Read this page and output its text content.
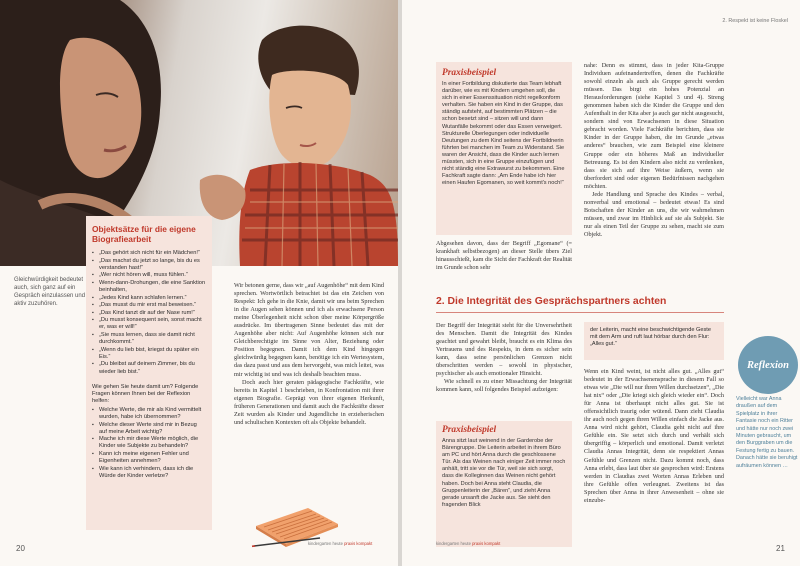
Gleichwürdigkeit bedeutet auch, sich ganz auf ein Gespräch einzulassen und aktiv zuzuhören.
Objektsätze für die eigene Biografiearbeit
▪ „Das gehört sich nicht für ein Mädchen!“
▪ „Das machst du jetzt so lange, bis du es verstanden hast!“
▪ „Wer nicht hören will, muss fühlen.“
▪ Wenn-dann-Drohungen, die eine Sanktion beinhalten,
▪ „Jedes Kind kann schlafen lernen.“
▪ „Das musst du mir erst mal beweisen.“
▪ „Das Kind tanzt dir auf der Nase rum!“
▪ „Du musst konsequent sein, sonst macht er, was er will!“
▪ „Sie muss lernen, dass sie damit nicht durchkommt.“
▪ „Wenn du lieb bist, kriegst du später ein Eis.“
▪ „Du bleibst auf deinem Zimmer, bis du wieder lieb bist.“

Wie gehen Sie heute damit um? Folgende Fragen können Ihnen bei der Reflexion helfen:

▪ Welche Werte, die mir als Kind vermittelt wurden, habe ich übernommen?
▪ Welche dieser Werte sind mir in Bezug auf meine Arbeit wichtig?
▪ Mache ich mir diese Werte möglich, die Kinder wie Subjekte zu behandeln?
▪ Kann ich meine eigenen Fehler und Eigenheiten annehmen?
▪ Wie kann ich verhindern, dass ich die Würde der Kinder verletze?

Wir betonen gerne, dass wir „auf Augenhöhe“ mit dem Kind sprechen. Wortwörtlich betrachtet ist das ein Zeichen von Respekt: Ich gehe in die Knie, damit wir uns beim Sprechen in die Augen sehen können und ich als erwachsene Person meine Überlegenheit nicht schon über meine Körpergröße ausdrücke. Im übertragenen Sinne bedeutet das mit der Augenhöhe aber nicht: Auf Augenhöhe können sich nur Gleichberechtigte im Sinne von Alter, Beziehung oder Position begegnen. Damit ich dem Kind hingegen gleichwürdig begegnen kann, benötige ich ein Wertesystem, das dazu passt und aus dem hervorgeht, was mich leitet, was mir wichtig ist und was ich deshalb beachten muss.

Doch auch hier geraten pädagogische Fachkräfte, wie bereits in Kapitel 1 beschrieben, in Konfrontation mit ihrer eigenen Biografie. Geprägt von ihrer eigenen Herkunft, früheren Generationen und damit auch die Fachkräfte dieser Zeit wurden als Kinder und Jugendliche in erzieherischen und schulischen Kontexten oft als Objekte behandelt.

kindergarten heute praxis kompakt
20
2. Respekt ist keine Floskel
Praxisbeispiel
In einer Fortbildung diskutierte das Team lebhaft darüber, wie es mit Kindern umgehen soll, die sich in einer Essenssituation nicht regelkonform verhalten. Sie haben ein Kind in der Gruppe, das ständig aufsteht, auf bestimmten Plätzen – die schon besetzt sind – sitzen will und dann Wutanfälle bekommt oder das Essen verweigert. Strukturelle Überlegungen oder individuelle Deutungen zu dem Kind seitens der Fortbildnerin führten bei manchen im Team zu Widerstand. Sie waren der Ansicht, dass die Kinder auch lernen müssten, sich in eine Gruppe einzufügen und nicht ständig eine Extrawurst zu bekommen. Eine Fachkraft sagte dann: „Am Ende habe ich hier einen Haufen Egomanen, so weit kommt's noch!“

Abgesehen davon, dass der Begriff „Egomane“ (= krankhaft selbstbezogen) an dieser Stelle übers Ziel hinausschießt, kam die Sicht der Fachkraft der Realität im Grunde schon sehr

nahe: Denn es stimmt, dass in jeder Kita-Gruppe Individuen aufeinandertreffen, denen die Fachkräfte sowohl einzeln als auch als Gruppe gerecht werden müssen. Das birgt ein hohes Potenzial an Herausforderungen (siehe Kapitel 3 und 4). Streng genommen haben sich die Kinder die Gruppe und den Aufenthalt in der Kita aber ja auch gar nicht ausgesucht, sondern sind von Erwachsenen in diese Situation gebracht worden. Viele Fachkräfte berichten, dass sie Kinder in der Gruppe haben, die im Grunde „etwas anderes“ brauchen, wie zum Beispiel eine kleinere Gruppe oder ein höheres Maß an individueller Betreuung. Es ist den Kindern also nicht zu verdenken, dass sie sich auf ihre Weise äußern, wenn sie überfordert sind oder eigenen Bedürfnissen nachgehen möchten.

Jede Handlung und Sprache des Kindes – verbal, nonverbal und emotional – bedeutet etwas! Es sind Botschaften der Kinder an uns, die wir wahrnehmen müssen, und zwar im Hinblick auf sie als Subjekt. Sie nur als einen Teil der Gruppe zu sehen, macht sie zum Objekt.

2. Die Integrität des Gesprächspartners achten

Der Begriff der Integrität steht für die Unversehrtheit des Menschen. Damit die Integrität des Kindes geachtet und gewahrt bleibt, braucht es ein Klima des Vertrauens und des Respekts, in dem es sicher sein kann, dass seine persönlichen Grenzen nicht überschritten werden – sowohl in physischer, psychischer als auch emotionaler Hinsicht.

Wie schnell es zu einer Missachtung der Integrität kommen kann, soll folgendes Beispiel aufzeigen:

Praxisbeispiel
Anna sitzt laut weinend in der Garderobe der Bärengruppe. Die Leiterin arbeitet in ihrem Büro am PC und hört Anna durch die geschlossene Tür. Als das Weinen nach einiger Zeit immer noch anhält, tritt sie vor die Tür, weil sie sich sorgt, dass die Kolleginnen das Weinen nicht gehört haben. Doch bei Anna steht Claudia, die Gruppenleiterin der „Bären“, und zieht Anna gerade unsanft die Jacke aus. Sie sieht den fragenden Blick
der Leiterin, macht eine beschwichtigende Geste mit dem Arm und ruft laut hörbar durch den Flur: „Alles gut.“

Wenn ein Kind weint, ist nicht alles gut. „Alles gut“ bedeutet in der Erwachsenensprache in diesem Fall so etwas wie „Die will nur ihren Willen durchsetzen“, „Die hat nix“ oder „Die kriegt sich gleich wieder ein“. Doch für Anna ist überhaupt nicht alles gut. Sie ist offensichtlich traurig oder wütend. Dann zieht Claudia ihr auch noch gegen ihren Willen einfach die Jacke aus. Anna wird nicht gehört, Claudia geht nicht auf ihre Gefühle ein. Sie setzt sich durch und verhält sich übergriffig – körperlich und emotional. Damit verletzt Claudia Annas Integrität, denn sie respektiert Annas Gefühle und Grenzen nicht. Dazu kommt noch, dass Anna erlebt, dass laut über sie gesprochen wird: Erstens werden in Claudias zwei Worten Annas Erleben und ihre Gefühle offen verleugnet. Zweitens ist das Sprechen über Anna in ihrer Anwesenheit – ohne sie einzube-

Reflexion
Vielleicht war Anna draußen auf dem Spielplatz in ihrer Fantasie noch ein Ritter und hätte nur noch zwei Minuten gebraucht, um den Burggraben um die Festung fertig zu bauen. Danach hätte sie beruhigt aufräumen können …
kindergarten heute praxis kompakt
21
